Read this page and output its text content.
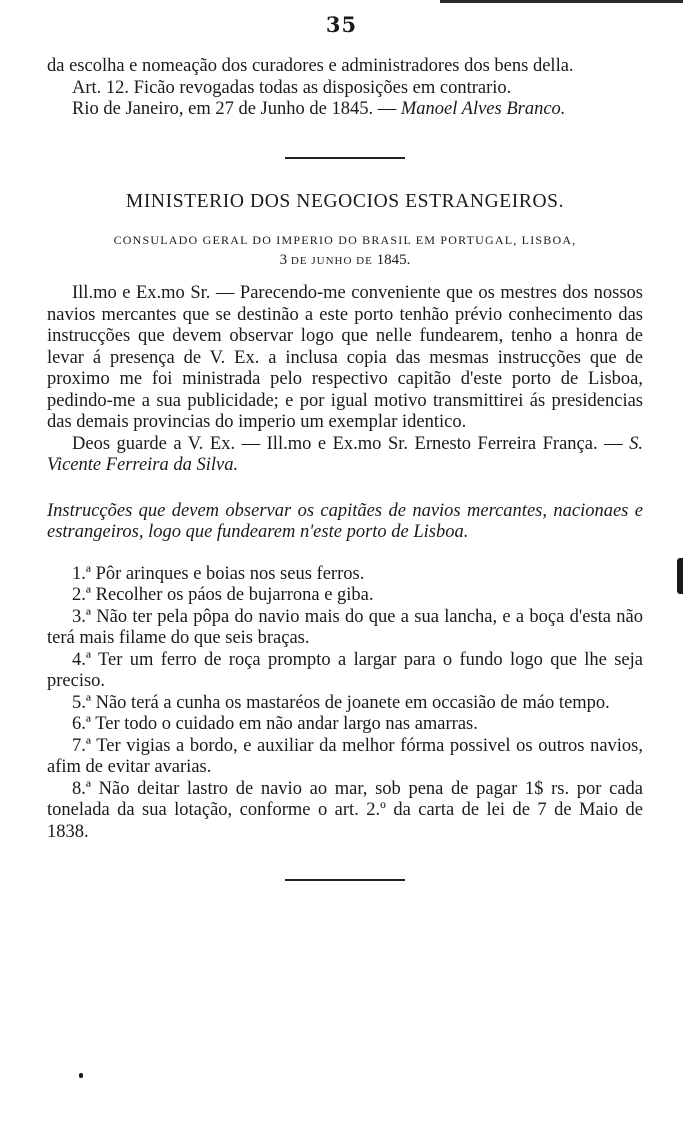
35

da escolha e nomeação dos curadores e administradores dos bens della.

Art. 12. Ficão revogadas todas as disposições em contrario.

Rio de Janeiro, em 27 de Junho de 1845. — Manoel Alves Branco.

MINISTERIO DOS NEGOCIOS ESTRANGEIROS.
CONSULADO GERAL DO IMPERIO DO BRASIL EM PORTUGAL, LISBOA,
3 DE JUNHO DE 1845.

Ill.mo e Ex.mo Sr. — Parecendo-me conveniente que os mestres dos nossos navios mercantes que se destinão a este porto tenhão prévio conhecimento das instrucções que devem observar logo que nelle fundearem, tenho a honra de levar á presença de V. Ex. a inclusa copia das mesmas instrucções que de proximo me foi ministrada pelo respectivo capitão d'este porto de Lisboa, pedindo-me a sua publicidade; e por igual motivo transmittirei ás presidencias das demais provincias do imperio um exemplar identico.

Deos guarde a V. Ex. — Ill.mo e Ex.mo Sr. Ernesto Ferreira França. — S. Vicente Ferreira da Silva.

Instrucções que devem observar os capitães de navios mercantes, nacionaes e estrangeiros, logo que fundearem n'este porto de Lisboa.

1.ª Pôr arinques e boias nos seus ferros.

2.ª Recolher os páos de bujarrona e giba.

3.ª Não ter pela pôpa do navio mais do que a sua lancha, e a boça d'esta não terá mais filame do que seis braças.

4.ª Ter um ferro de roça prompto a largar para o fundo logo que lhe seja preciso.

5.ª Não terá a cunha os mastaréos de joanete em occasião de máo tempo.

6.ª Ter todo o cuidado em não andar largo nas amarras.

7.ª Ter vigias a bordo, e auxiliar da melhor fórma possivel os outros navios, afim de evitar avarias.

8.ª Não deitar lastro de navio ao mar, sob pena de pagar 1$ rs. por cada tonelada da sua lotação, conforme o art. 2.º da carta de lei de 7 de Maio de 1838.
